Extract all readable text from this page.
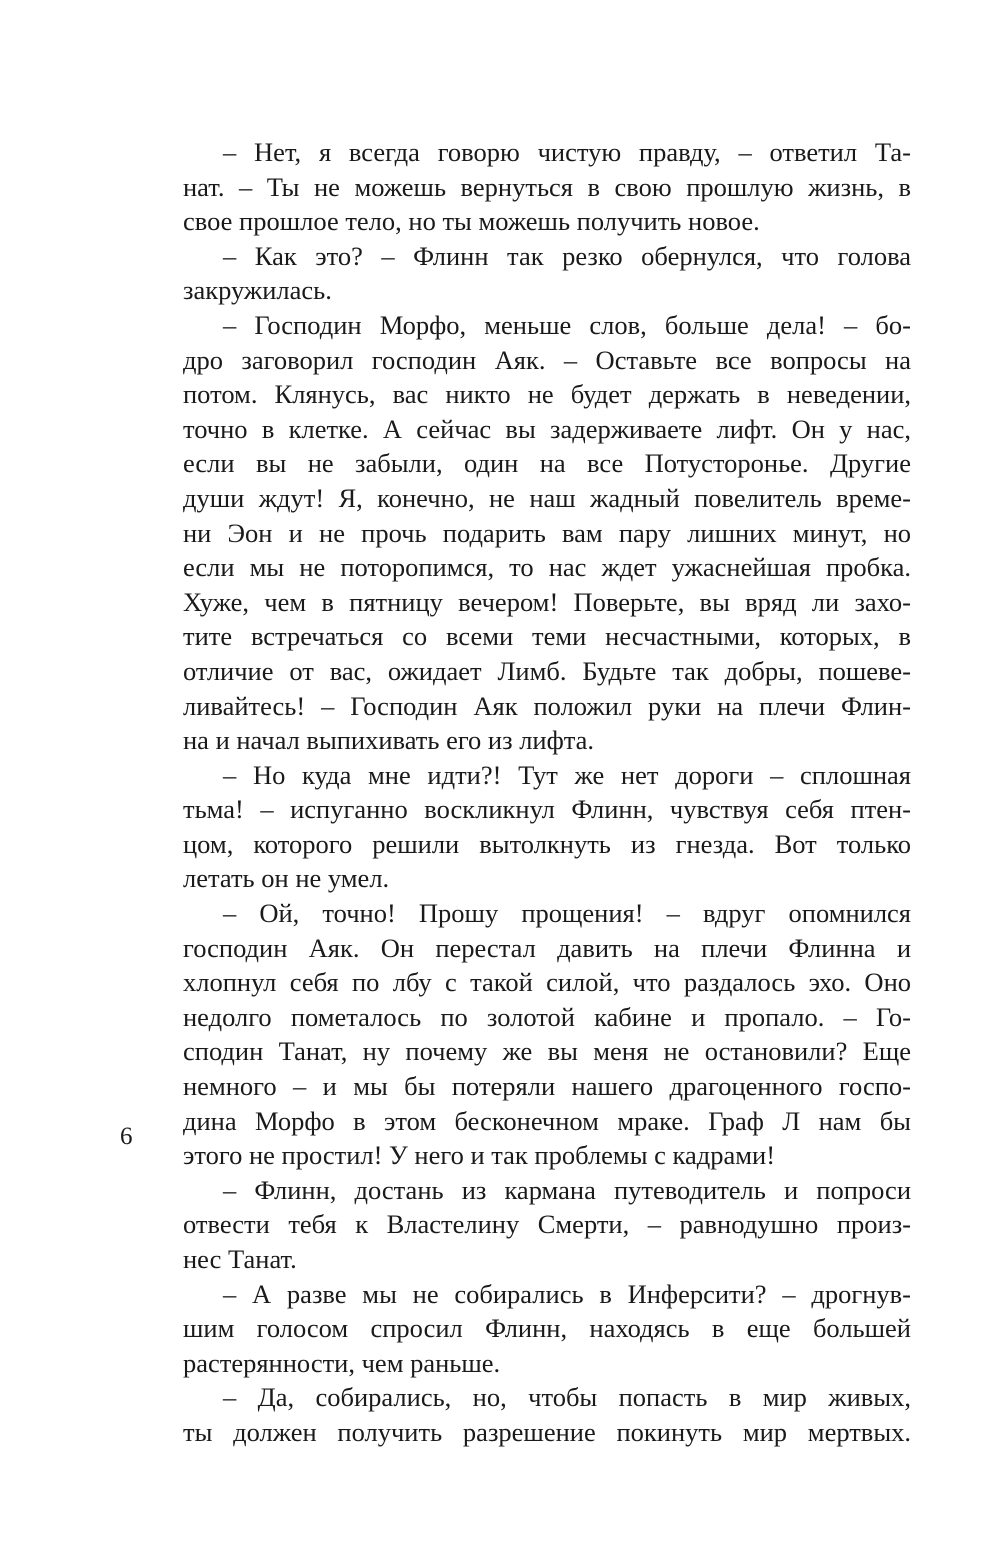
– Нет, я всегда говорю чистую правду, – ответил Та-
нат. – Ты не можешь вернуться в свою прошлую жизнь, в
свое прошлое тело, но ты можешь получить новое.
– Как это? – Флинн так резко обернулся, что голова
закружилась.
– Господин Морфо, меньше слов, больше дела! – бо-
дро заговорил господин Аяк. – Оставьте все вопросы на
потом. Клянусь, вас никто не будет держать в неведении,
точно в клетке. А сейчас вы задерживаете лифт. Он у нас,
если вы не забыли, один на все Потусторонье. Другие
души ждут! Я, конечно, не наш жадный повелитель време-
ни Эон и не прочь подарить вам пару лишних минут, но
если мы не поторопимся, то нас ждет ужаснейшая пробка.
Хуже, чем в пятницу вечером! Поверьте, вы вряд ли захо-
тите встречаться со всеми теми несчастными, которых, в
отличие от вас, ожидает Лимб. Будьте так добры, пошеве-
ливайтесь! – Господин Аяк положил руки на плечи Флин-
на и начал выпихивать его из лифта.
– Но куда мне идти?! Тут же нет дороги – сплошная
тьма! – испуганно воскликнул Флинн, чувствуя себя птен-
цом, которого решили вытолкнуть из гнезда. Вот только
летать он не умел.
– Ой, точно! Прошу прощения! – вдруг опомнился
господин Аяк. Он перестал давить на плечи Флинна и
хлопнул себя по лбу с такой силой, что раздалось эхо. Оно
недолго пометалось по золотой кабине и пропало. – Го-
сподин Танат, ну почему же вы меня не остановили? Еще
немного – и мы бы потеряли нашего драгоценного госпо-
дина Морфо в этом бесконечном мраке. Граф Л нам бы
этого не простил! У него и так проблемы с кадрами!
– Флинн, достань из кармана путеводитель и попроси
отвести тебя к Властелину Смерти, – равнодушно произ-
нес Танат.
– А разве мы не собирались в Инферсити? – дрогнув-
шим голосом спросил Флинн, находясь в еще большей
растерянности, чем раньше.
– Да, собирались, но, чтобы попасть в мир живых,
ты должен получить разрешение покинуть мир мертвых.
6
